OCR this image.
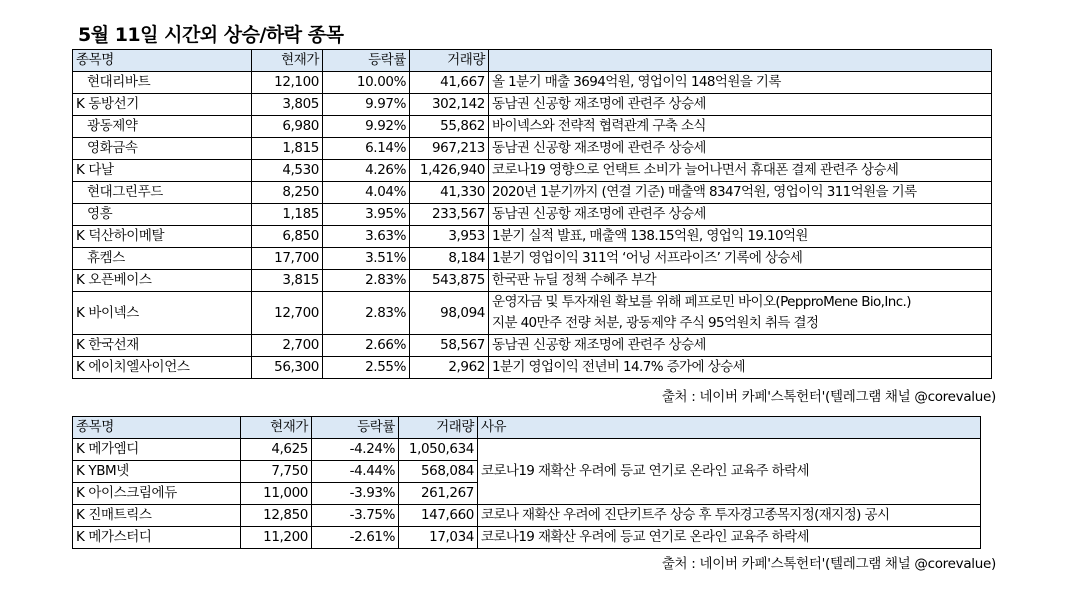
5월 11일 시간외 상승/하락 종목
종목명	현재가	등락률	거래량	
현대리바트	12,100	10.00%	41,667	올 1분기 매출 3694억원, 영업이익 148억원을 기록
K 동방선기	3,805	9.97%	302,142	동남권 신공항 재조명에 관련주 상승세
광동제약	6,980	9.92%	55,862	바이넥스와 전략적 협력관계 구축 소식
영화금속	1,815	6.14%	967,213	동남권 신공항 재조명에 관련주 상승세
K 다날	4,530	4.26%	1,426,940	코로나19 영향으로 언택트 소비가 늘어나면서 휴대폰 결제 관련주 상승세
현대그린푸드	8,250	4.04%	41,330	2020년 1분기까지 (연결 기준) 매출액 8347억원, 영업이익 311억원을 기록
영흥	1,185	3.95%	233,567	동남권 신공항 재조명에 관련주 상승세
K 덕산하이메탈	6,850	3.63%	3,953	1분기 실적 발표, 매출액 138.15억원, 영업익 19.10억원
휴켐스	17,700	3.51%	8,184	1분기 영업이익 311억 ‘어닝 서프라이즈’ 기록에 상승세
K 오픈베이스	3,815	2.83%	543,875	한국판 뉴딜 정책 수혜주 부각
K 바이넥스	12,700	2.83%	98,094	운영자금 및 투자재원 확보를 위해 페프로민 바이오(PepproMene Bio,Inc.)
지분 40만주 전량 처분, 광동제약 주식 95억원치 취득 결정

K 한국선재	2,700	2.66%	58,567	동남권 신공항 재조명에 관련주 상승세
K 에이치엘사이언스	56,300	2.55%	2,962	1분기 영업이익 전년비 14.7% 증가에 상승세
출처 : 네이버 카페'스톡헌터'(텔레그램 채널 @corevalue)
종목명	현재가	등락률	거래량	사유
K 메가엠디	4,625	-4.24%	1,050,634	코로나19 재확산 우려에 등교 연기로 온라인 교육주 하락세
K YBM넷	7,750	-4.44%	568,084	
K 아이스크림에듀	11,000	-3.93%	261,267	
K 진매트릭스	12,850	-3.75%	147,660	코로나 재확산 우려에 진단키트주 상승 후 투자경고종목지정(재지정) 공시
K 메가스터디	11,200	-2.61%	17,034	코로나19 재확산 우려에 등교 연기로 온라인 교육주 하락세
출처 : 네이버 카페'스톡헌터'(텔레그램 채널 @corevalue)
